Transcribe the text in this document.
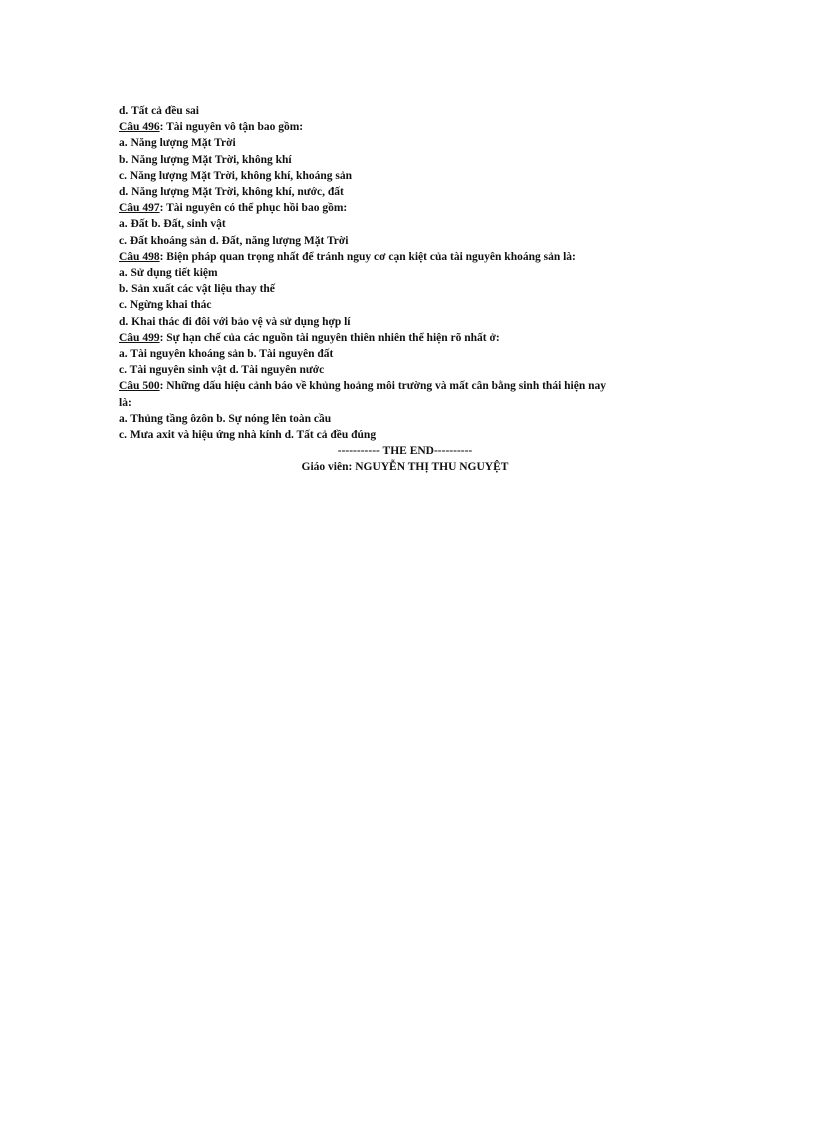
d. Tất cả đều sai
Câu 496: Tài nguyên vô tận bao gồm:
a. Năng lượng Mặt Trời
b. Năng lượng Mặt Trời, không khí
c. Năng lượng Mặt Trời, không khí, khoáng sản
d. Năng lượng Mặt Trời, không khí, nước, đất
Câu 497: Tài nguyên có thể phục hồi bao gồm:
a. Đất b. Đất, sinh vật
c. Đất khoáng sản d. Đất, năng lượng Mặt Trời
Câu 498: Biện pháp quan trọng nhất để tránh nguy cơ cạn kiệt của tài nguyên khoáng sản là:
a. Sử dụng tiết kiệm
b. Sản xuất các vật liệu thay thế
c. Ngừng khai thác
d. Khai thác đi đôi với bảo vệ và sử dụng hợp lí
Câu 499: Sự hạn chế của các nguồn tài nguyên thiên nhiên thể hiện rõ nhất ở:
a. Tài nguyên khoáng sản b. Tài nguyên đất
c. Tài nguyên sinh vật d. Tài nguyên nước
Câu 500: Những dấu hiệu cảnh báo về khủng hoảng môi trường và mất cân bằng sinh thái hiện nay
là:
a. Thủng tầng ôzôn b. Sự nóng lên toàn cầu
c. Mưa axit và hiệu ứng nhà kính d. Tất cả đều đúng
----------- THE END----------
Giáo viên: NGUYỄN THỊ THU NGUYỆT
